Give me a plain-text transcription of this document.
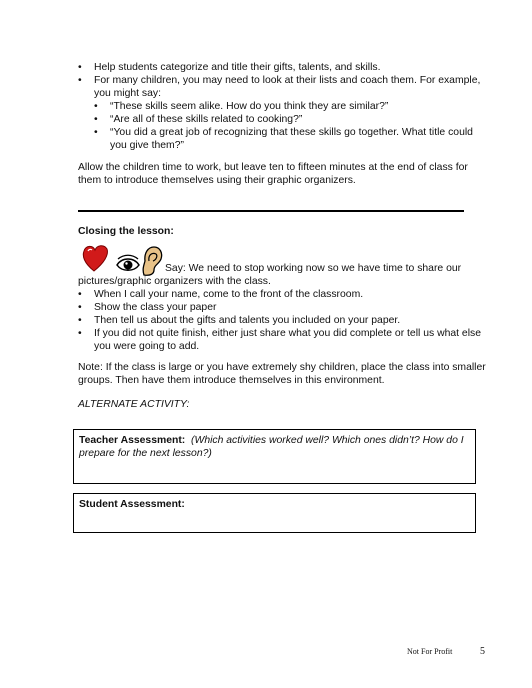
• Help students categorize and title their gifts, talents, and skills.
• For many children, you may need to look at their lists and coach them. For example, you might say:
• “These skills seem alike. How do you think they are similar?”
• “Are all of these skills related to cooking?”
• “You did a great job of recognizing that these skills go together. What title could you give them?”

Allow the children time to work, but leave ten to fifteen minutes at the end of class for them to introduce themselves using their graphic organizers.

Closing the lesson:

Say: We need to stop working now so we have time to share our pictures/graphic organizers with the class.

• When I call your name, come to the front of the classroom.
• Show the class your paper
• Then tell us about the gifts and talents you included on your paper.
• If you did not quite finish, either just share what you did complete or tell us what else you were going to add.

Note: If the class is large or you have extremely shy children, place the class into smaller groups. Then have them introduce themselves in this environment.

ALTERNATE ACTIVITY:

Teacher Assessment: (Which activities worked well? Which ones didn’t? How do I prepare for the next lesson?)
Student Assessment:
Not For Profit	5
